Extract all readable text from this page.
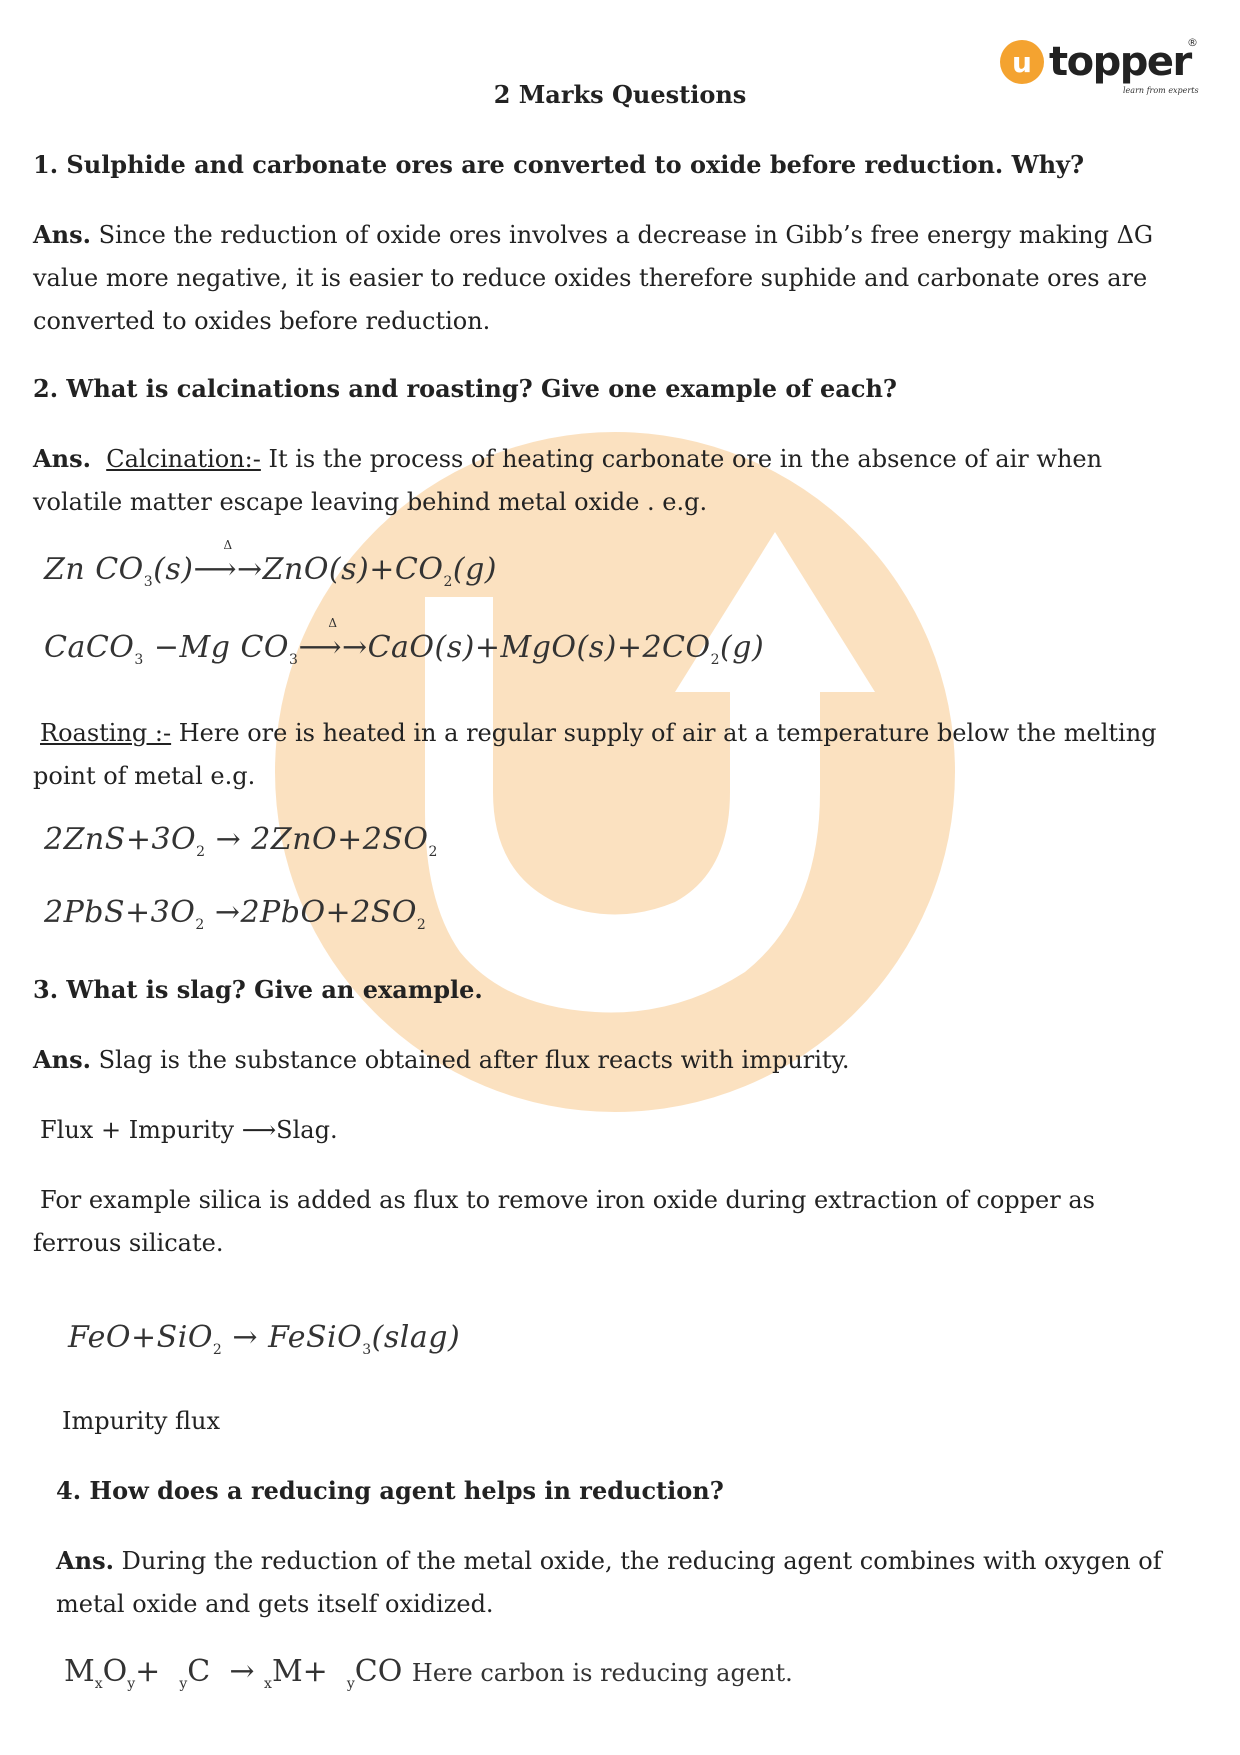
u topper
®
learn from experts
2 Marks Questions
1. Sulphide and carbonate ores are converted to oxide before reduction. Why?
Ans. Since the reduction of oxide ores involves a decrease in Gibb’s free energy making ΔG
value more negative, it is easier to reduce oxides therefore suphide and carbonate ores are
converted to oxides before reduction.
2. What is calcinations and roasting? Give one example of each?
Ans. Calcination:- It is the process of heating carbonate ore in the absence of air when
volatile matter escape leaving behind metal oxide . e.g.
Zn $CO_3(s)⟶\to$
Δ
$ZnO(s)+CO_2(g)$
CaCO$_3$ −Mg $CO_3⟶\to$
Δ
$CaO(s)+MgO(s)+2CO_2(g)$
Roasting :- Here ore is heated in a regular supply of air at a temperature below the melting
point of metal e.g.
$2ZnS+3O_2 \to 2ZnO+2SO_2$
$2PbS+3O_2 \to 2PbO+2SO_2$
3. What is slag? Give an example.
Ans. Slag is the substance obtained after flux reacts with impurity.
Flux + Impurity ⟶Slag.
For example silica is added as flux to remove iron oxide during extraction of copper as
ferrous silicate.
FeO+SiO$_2$ → FeSiO$_3$(slag)
Impurity flux
4. How does a reducing agent helps in reduction?
Ans. During the reduction of the metal oxide, the reducing agent combines with oxygen of
metal oxide and gets itself oxidized.
$M_xO_y+ _yC \to _xM+ _yCO$ Here carbon is reducing agent.
